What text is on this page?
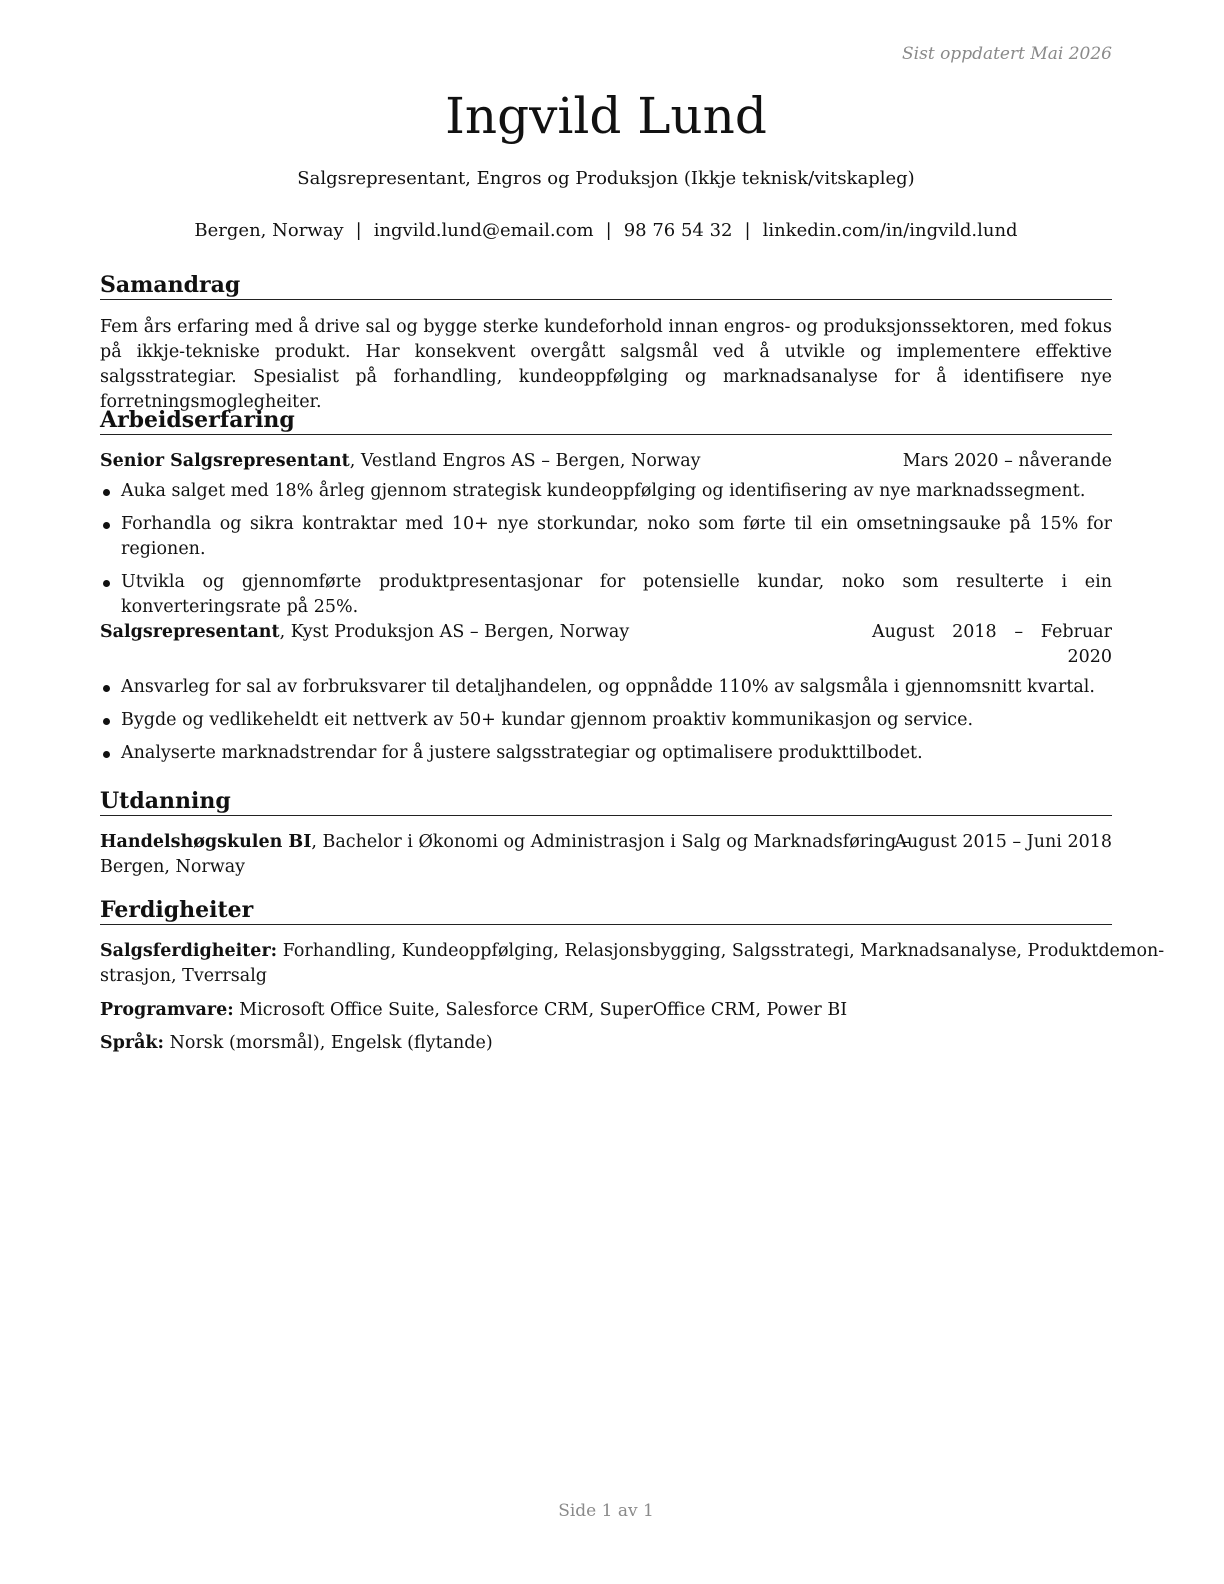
Sist oppdatert Mai 2026
Ingvild Lund
Salgsrepresentant, Engros og Produksjon (Ikkje teknisk/vitskapleg)
Bergen, Norway | ingvild.lund@email.com | 98 76 54 32 | linkedin.com/in/ingvild.lund
Samandrag
Fem års erfaring med å drive sal og bygge sterke kundeforhold innan engros- og produksjonssektoren, med fokus på ikkje-tekniske produkt. Har konsekvent overgått salgsmål ved å utvikle og implementere effektive salgsstrategiar. Spesialist på forhandling, kundeoppfølging og marknadsanalyse for å identifisere nye forretningsmoglegheiter.
Arbeidserfaring
Senior Salgsrepresentant, Vestland Engros AS – Bergen, Norway	Mars 2020 – nåverande
Auka salget med 18% årleg gjennom strategisk kundeoppfølging og identifisering av nye marknadssegment.
Forhandla og sikra kontraktar med 10+ nye storkundar, noko som førte til ein omsetningsauke på 15% for regionen.
Utvikla og gjennomførte produktpresentasjonar for potensielle kundar, noko som resulterte i ein konverteringsrate på 25%.
Salgsrepresentant, Kyst Produksjon AS – Bergen, Norway	August 2018 – Februar
2020
Ansvarleg for sal av forbruksvarer til detaljhandelen, og oppnådde 110% av salgsmåla i gjennomsnitt kvartal.
Bygde og vedlikeheldt eit nettverk av 50+ kundar gjennom proaktiv kommunikasjon og service.
Analyserte marknadstrendar for å justere salgsstrategiar og optimalisere produkttilbodet.
Utdanning
Handelshøgskulen BI, Bachelor i Økonomi og Administrasjon i Salg og Marknadsføring –
Bergen, Norway
August 2015 – Juni 2018
Ferdigheiter
Salgsferdigheiter: Forhandling, Kundeoppfølging, Relasjonsbygging, Salgsstrategi, Marknadsanalyse, Produktdemon-
strasjon, Tverrsalg
Programvare: Microsoft Office Suite, Salesforce CRM, SuperOffice CRM, Power BI
Språk: Norsk (morsmål), Engelsk (flytande)
Side 1 av 1
